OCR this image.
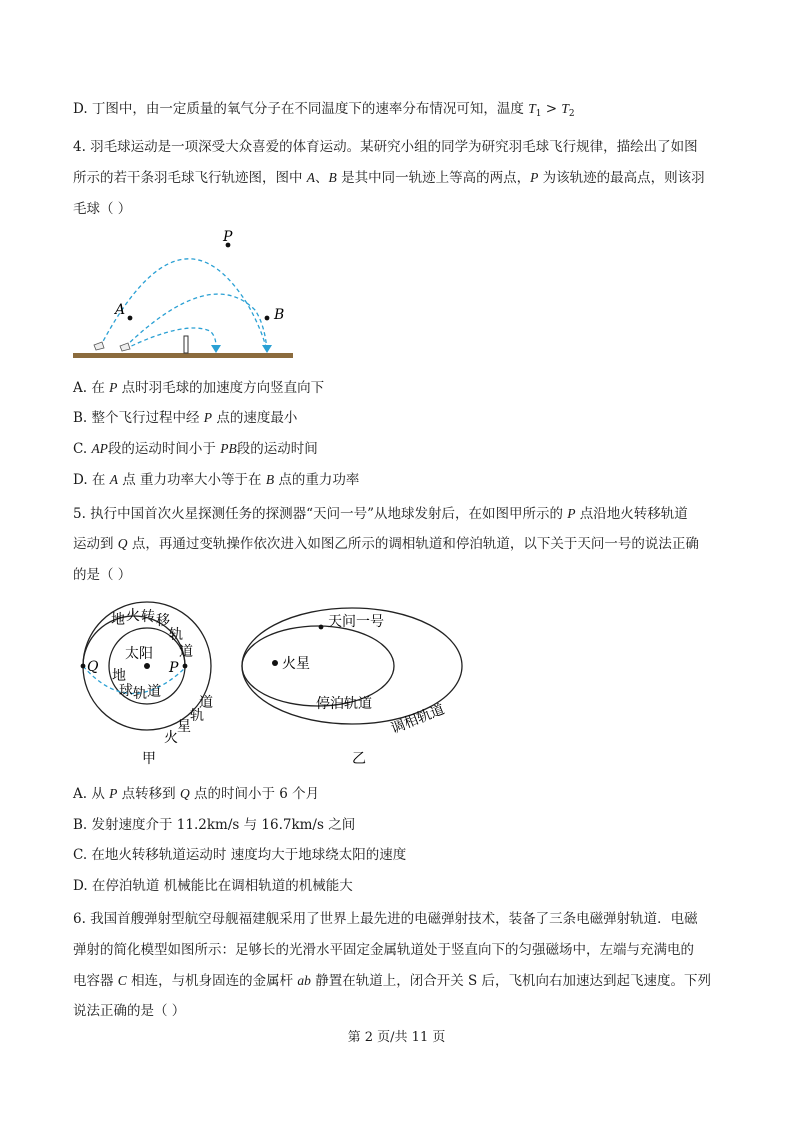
D. 丁图中，由一定质量的氧气分子在不同温度下的速率分布情况可知，温度 $T_1 > T_2$
4. 羽毛球运动是一项深受大众喜爱的体育运动。某研究小组的同学为研究羽毛球飞行规律，描绘出了如图
所示的若干条羽毛球飞行轨迹图，图中 A、B 是其中同一轨迹上等高的两点，P 为该轨迹的最高点，则该羽
毛球（ ）
P
A	B
A. 在 P 点时羽毛球的加速度方向竖直向下
B. 整个飞行过程中经 P 点的速度最小
C. AP段的运动时间小于 PB段的运动时间
D. 在 A 点 重力功率大小等于在 B 点的重力功率
5. 执行中国首次火星探测任务的探测器“天问一号”从地球发射后，在如图甲所示的 P 点沿地火转移轨道
运动到 Q 点，再通过变轨操作依次进入如图乙所示的调相轨道和停泊轨道，以下关于天问一号的说法正确
的是（ ）
地 火 转 移
轨
道
太阳
地
球 轨 道
火
星
轨
道
Q	P
甲
天问一号
火星
停泊轨道 调相轨道
乙
A. 从 P 点转移到 Q 点的时间小于 6 个月
B. 发射速度介于 11.2km/s 与 16.7km/s 之间
C. 在地火转移轨道运动时 速度均大于地球绕太阳的速度
D. 在停泊轨道 机械能比在调相轨道的机械能大
6. 我国首艘弹射型航空母舰福建舰采用了世界上最先进的电磁弹射技术，装备了三条电磁弹射轨道．电磁
弹射的简化模型如图所示：足够长的光滑水平固定金属轨道处于竖直向下的匀强磁场中，左端与充满电的
电容器 C 相连，与机身固连的金属杆 ab 静置在轨道上，闭合开关 S 后，飞机向右加速达到起飞速度。下列
说法正确的是（ ）
第 2 页/共 11 页
